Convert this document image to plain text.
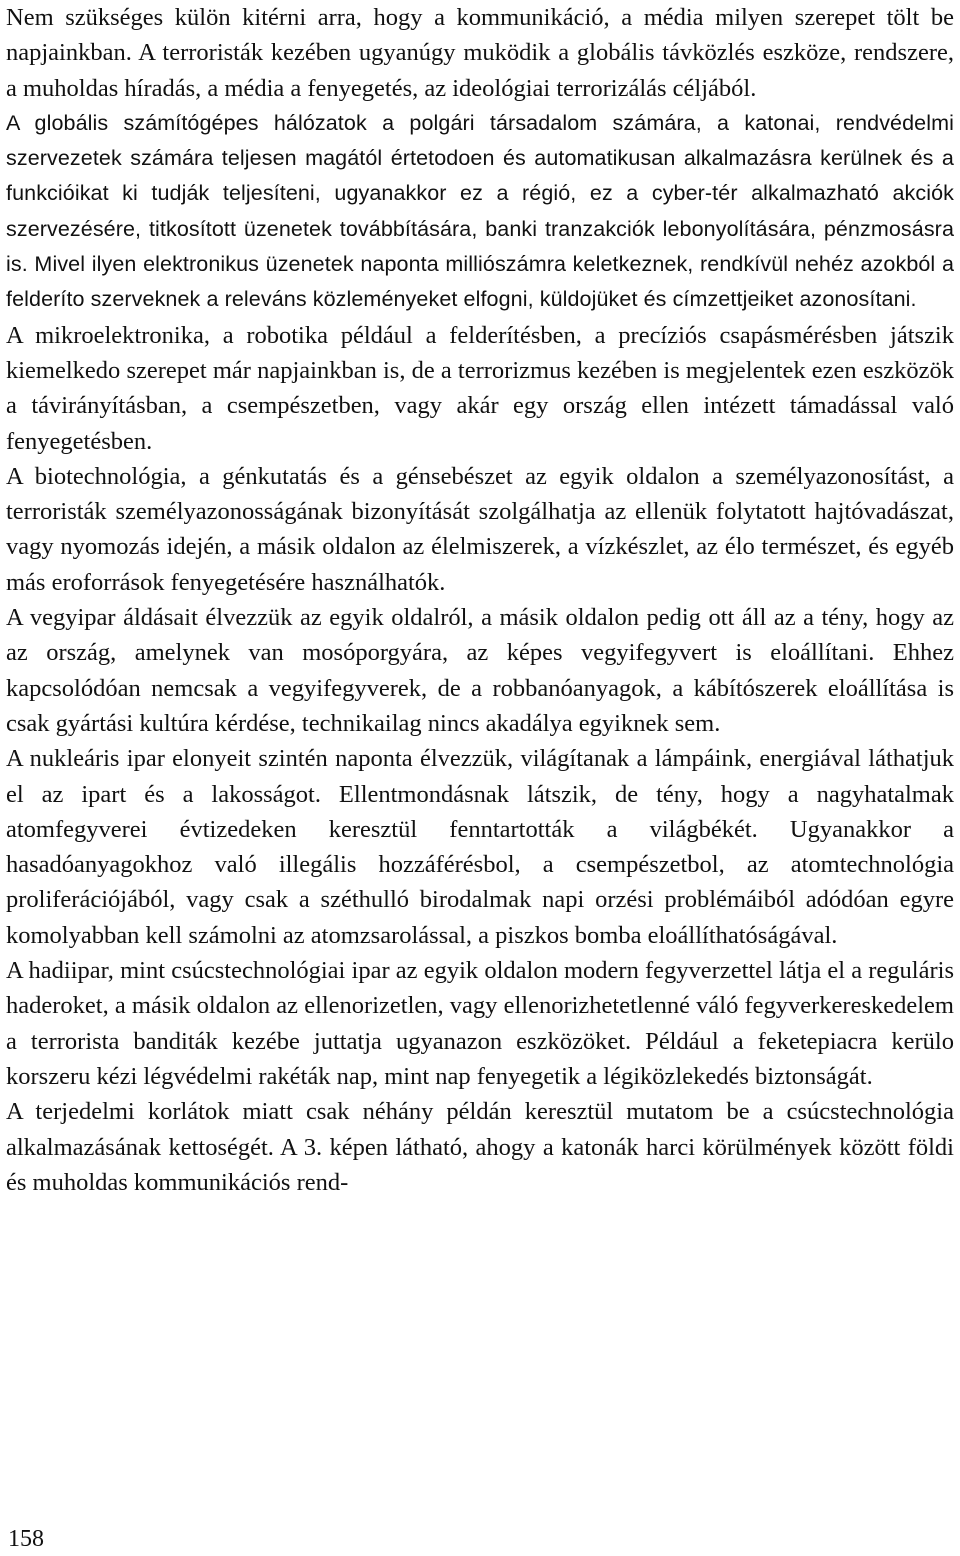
Nem szükséges külön kitérni arra, hogy a kommunikáció, a média milyen szerepet tölt be napjainkban. A terroristák kezében ugyanúgy muködik a globális távközlés eszköze, rendszere, a muholdas híradás, a média a fenyegetés, az ideológiai terrorizálás céljából.

A globális számítógépes hálózatok a polgári társadalom számára, a katonai, rendvédelmi szervezetek számára teljesen magától értetodoen és automatikusan alkalmazásra kerülnek és a funkcióikat ki tudják teljesíteni, ugyanakkor ez a régió, ez a cyber-tér alkalmazható akciók szervezésére, titkosított üzenetek továbbítására, banki tranzakciók lebonyolítására, pénzmosásra is. Mivel ilyen elektronikus üzenetek naponta milliószámra keletkeznek, rendkívül nehéz azokból a felderíto szerveknek a releváns közleményeket elfogni, küldojüket és címzettjeiket azonosítani.

A mikroelektronika, a robotika például a felderítésben, a precíziós csapásmérésben játszik kiemelkedo szerepet már napjainkban is, de a terrorizmus kezében is megjelentek ezen eszközök a távirányításban, a csempészetben, vagy akár egy ország ellen intézett támadással való fenyegetésben.

A biotechnológia, a génkutatás és a génsebészet az egyik oldalon a személyazonosítást, a terroristák személyazonosságának bizonyítását szolgálhatja az ellenük folytatott hajtóvadászat, vagy nyomozás idején, a másik oldalon az élelmiszerek, a vízkészlet, az élo természet, és egyéb más eroforrások fenyegetésére használhatók.

A vegyipar áldásait élvezzük az egyik oldalról, a másik oldalon pedig ott áll az a tény, hogy az az ország, amelynek van mosóporgyára, az képes vegyifegyvert is eloállítani. Ehhez kapcsolódóan nemcsak a vegyifegyverek, de a robbanóanyagok, a kábítószerek eloállítása is csak gyártási kultúra kérdése, technikailag nincs akadálya egyiknek sem.

A nukleáris ipar elonyeit szintén naponta élvezzük, világítanak a lámpáink, energiával láthatjuk el az ipart és a lakosságot. Ellentmondásnak látszik, de tény, hogy a nagyhatalmak atomfegyverei évtizedeken keresztül fenntartották a világbékét. Ugyanakkor a hasadóanyagokhoz való illegális hozzáférésbol, a csempészetbol, az atomtechnológia proliferációjából, vagy csak a széthulló birodalmak napi orzési problémáiból adódóan egyre komolyabban kell számolni az atomzsarolással, a piszkos bomba eloállíthatóságával.

A hadiipar, mint csúcstechnológiai ipar az egyik oldalon modern fegyverzettel látja el a reguláris haderoket, a másik oldalon az ellenorizetlen, vagy ellenorizhetetlenné váló fegyverkereskedelem a terrorista banditák kezébe juttatja ugyanazon eszközöket. Például a feketepiacra kerülo korszeru kézi légvédelmi rakéták nap, mint nap fenyegetik a légiközlekedés biztonságát.

A terjedelmi korlátok miatt csak néhány példán keresztül mutatom be a csúcstechnológia alkalmazásának kettoségét. A 3. képen látható, ahogy a katonák harci körülmények között földi és muholdas kommunikációs rend-

158
